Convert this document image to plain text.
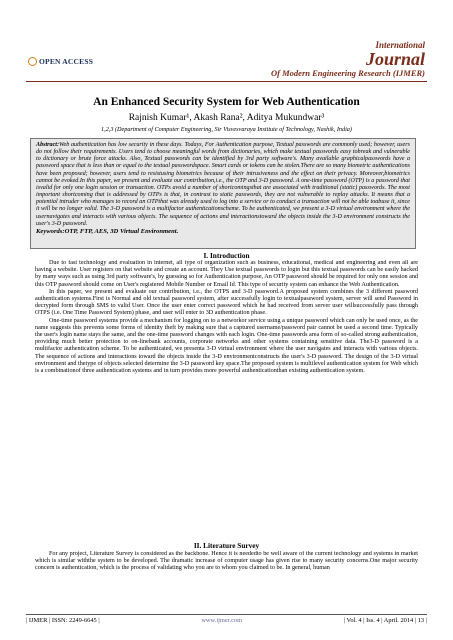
OPEN ACCESS
International
Journal
Of Modern Engineering Research (IJMER)
An Enhanced Security System for Web Authentication
Rajnish Kumar¹, Akash Rana², Aditya Mukundwar³
1,2,3 (Department of Computer Engineering, Sir Visvesvaraya Institute of Technology, Nashik, India)

Abstract:Web authentication has low security in these days. Todays, For Authentication purpose, Textual passwords are commonly used; however, users do not follow their requirements. Users tend to choose meaningful words from dictionaries, which make textual passwords easy tobreak and vulnerable to dictionary or brute force attacks. Also, Textual passwords can be identified by 3rd party software's. Many available graphicalpasswords have a password space that is less than or equal to the textual passwordspace. Smart cards or tokens can be stolen.There are so many biometric authentications have been proposed; however, users tend to resistusing biometrics because of their intrusiveness and the effect on their privacy. Moreover,biometrics cannot be evoked.In this paper, we present and evaluate our contribution,i.e., the OTP and 3-D password. A one-time password (OTP) is a password that isvalid for only one login session or transaction. OTPs avoid a number of shortcomingsthat are associated with traditional (static) passwords. The most important shortcoming that is addressed by OTPs is that, in contrast to static passwords, they are not vulnerable to replay attacks. It means that a potential intruder who manages to record an OTPthat was already used to log into a service or to conduct a transaction will not be able toabuse it, since it will be no longer valid. The 3-D password is a multifactor authenticationscheme. To be authenticated, we present a 3-D virtual environment where the usernavigates and interacts with various objects. The sequence of actions and interactionstoward the objects inside the 3-D environment constructs the user's 3-D password.

Keywords:OTP, FTP, AES, 3D Virtual Environment.

I. Introduction

Due to fast technology and evaluation in internet, all type of organization such as business, educational, medical and engineering and even all are having a website. User registers on that website and create an account. They Use textual passwords to login but this textual passwords can be easily hacked by many ways such as using 3rd party software's, by guessing so for Authentication purpose, An OTP password should be required for only one session and this OTP password should come on User's registered Mobile Number or Email Id. This type of security system can enhance the Web Authentication.

In this paper, we present and evaluate our contribution, i.e., the OTPS and 3-D password.A proposed system combines the 3 different password authentication systems.First is Normal and old textual password system, after successfully login to textualpassword system, server will send Password in decrypted form through SMS to valid User. Once the user enter correct password which he had received from server user willsuccessfully pass through OTPS (i.e. One Time Password System) phase, and user will enter to 3D authentication phase.

One-time password systems provide a mechanism for logging on to a networkor service using a unique password which can only be used once, as the name suggests this prevents some forms of identity theft by making sure that a captured username/password pair cannot be used a second time. Typically the user's login name stays the same, and the one-time password changes with each login. One-time passwords area form of so-called strong authentication, providing much better protection to on-linebank accounts, corporate networks and other systems containing sensitive data. The3-D password is a multifactor authentication scheme. To be authenticated, we presenta 3-D virtual environment where the user navigates and interacts with various objects. The sequence of actions and interactions toward the objects inside the 3-D environmentconstructs the user's 3-D password. The design of the 3-D virtual environment and thetype of objects selected determine the 3-D password key space.The proposed system is multilevel authentication system for Web which is a combinationof three authentication systems and in turn provides more powerful authenticationthan existing authentication system.

II. Literature Survey

For any project, Literature Survey is considered as the backbone. Hence it is neededto be well aware of the current technology and systems in market which is similar withthe system to be developed. The dramatic increase of computer usage has given rise to many security concerns.One major security concern is authentication, which is the process of validating who you are to whom you claimed to be. In general, human

| IJMER | ISSN: 2249-6645 |	www.ijmer.com	| Vol. 4 | Iss. 4 | April. 2014 | 13 |
